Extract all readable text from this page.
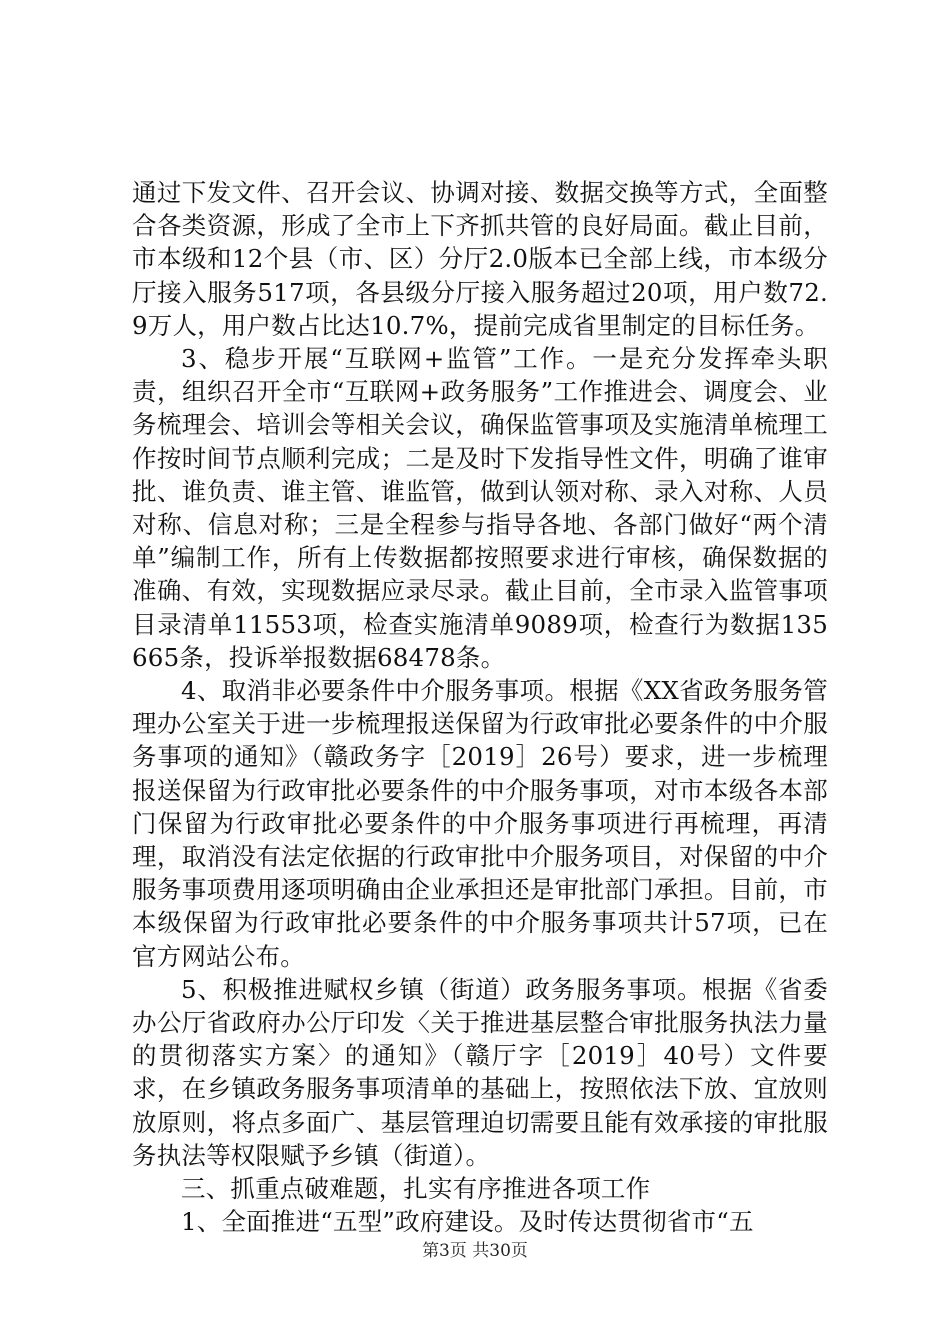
通过下发文件、召开会议、协调对接、数据交换等方式，全面整合各类资源，形成了全市上下齐抓共管的良好局面。截止目前，市本级和12个县（市、区）分厅2.0版本已全部上线，市本级分厅接入服务517项，各县级分厅接入服务超过20项，用户数72.9万人，用户数占比达10.7%，提前完成省里制定的目标任务。

3、稳步开展“互联网+监管”工作。一是充分发挥牵头职责，组织召开全市“互联网+政务服务”工作推进会、调度会、业务梳理会、培训会等相关会议，确保监管事项及实施清单梳理工作按时间节点顺利完成；二是及时下发指导性文件，明确了谁审批、谁负责、谁主管、谁监管，做到认领对称、录入对称、人员对称、信息对称；三是全程参与指导各地、各部门做好“两个清单”编制工作，所有上传数据都按照要求进行审核，确保数据的准确、有效，实现数据应录尽录。截止目前，全市录入监管事项目录清单11553项，检查实施清单9089项，检查行为数据135665条，投诉举报数据68478条。

4、取消非必要条件中介服务事项。根据《XX省政务服务管理办公室关于进一步梳理报送保留为行政审批必要条件的中介服务事项的通知》（赣政务字［2019］26号）要求，进一步梳理报送保留为行政审批必要条件的中介服务事项，对市本级各本部门保留为行政审批必要条件的中介服务事项进行再梳理，再清理，取消没有法定依据的行政审批中介服务项目，对保留的中介服务事项费用逐项明确由企业承担还是审批部门承担。目前，市本级保留为行政审批必要条件的中介服务事项共计57项，已在官方网站公布。

5、积极推进赋权乡镇（街道）政务服务事项。根据《省委办公厅省政府办公厅印发〈关于推进基层整合审批服务执法力量的贯彻落实方案〉的通知》（赣厅字［2019］40号）文件要求，在乡镇政务服务事项清单的基础上，按照依法下放、宜放则放原则，将点多面广、基层管理迫切需要且能有效承接的审批服务执法等权限赋予乡镇（街道）。

三、抓重点破难题，扎实有序推进各项工作

1、全面推进“五型”政府建设。及时传达贯彻省市“五

第3页 共30页
